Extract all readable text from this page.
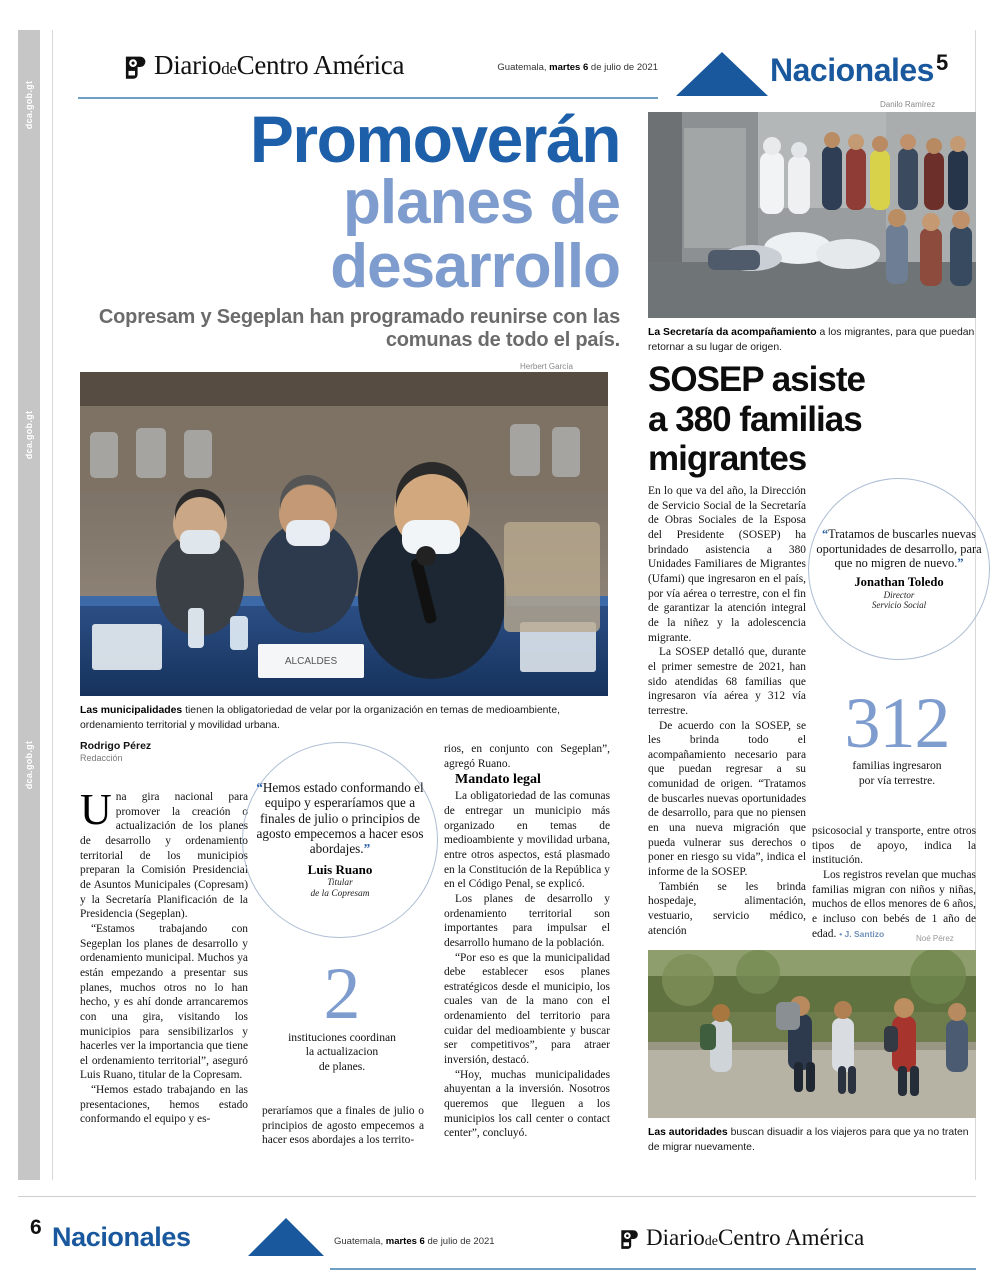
dca.gob.gt
dca.gob.gt
dca.gob.gt
DiariodeCentro América	Guatemala, martes 6 de julio de 2021	Nacionales 5
Promoverán
planes de
desarrollo
Copresam y Segeplan han programado reunirse con las comunas de todo el país.
ALCALDES
Herbert García
Las municipalidades tienen la obligatoriedad de velar por la organización en temas de medioambiente, ordenamiento territorial y movilidad urbana.
Rodrigo Pérez
Redacción

Una gira nacional para promover la creación o actualización de los planes de desarrollo y ordenamiento territorial de los municipios preparan la Comisión Presidencial de Asuntos Municipales (Copresam) y la Secretaría Planificación de la Presidencia (Segeplan).

“Estamos trabajando con Segeplan los planes de desarrollo y ordenamiento municipal. Muchos ya están empezando a presentar sus planes, muchos otros no lo han hecho, y es ahí donde arrancaremos con una gira, visitando los municipios para sensibilizarlos y hacerles ver la importancia que tiene el ordenamiento territorial”, aseguró Luis Ruano, titular de la Copresam.

“Hemos estado trabajando en las presentaciones, hemos estado conformando el equipo y es-

“Hemos estado conformando el equipo y esperaríamos que a finales de julio o principios de agosto empecemos a hacer esos abordajes.”
Luis Ruano
Titular
de la Copresam
2
instituciones coordinan
la actualizacion
de planes.

peraríamos que a finales de julio o principios de agosto empecemos a hacer esos abordajes a los territo-

rios, en conjunto con Segeplan”, agregó Ruano.

Mandato legal

La obligatoriedad de las comunas de entregar un municipio más organizado en temas de medioambiente y movilidad urbana, entre otros aspectos, está plasmado en la Constitución de la República y en el Código Penal, se explicó.

Los planes de desarrollo y ordenamiento territorial son importantes para impulsar el desarrollo humano de la población.

“Por eso es que la municipalidad debe establecer esos planes estratégicos desde el municipio, los cuales van de la mano con el ordenamiento del territorio para cuidar del medioambiente y buscar ser competitivos”, para atraer inversión, destacó.

“Hoy, muchas municipalidades ahuyentan a la inversión. Nosotros queremos que lleguen a los municipios los call center o contact center”, concluyó.

Danilo Ramírez
La Secretaría da acompañamiento a los migrantes, para que puedan retornar a su lugar de origen.
SOSEP asiste
a 380 familias
migrantes
“Tratamos de buscarles nuevas oportunidades de desarrollo, para que no migren de nuevo.”
Jonathan Toledo
Director
Servicio Social
312
familias ingresaron
por vía terrestre.

En lo que va del año, la Dirección de Servicio Social de la Secretaría de Obras Sociales de la Esposa del Presidente (SOSEP) ha brindado asistencia a 380 Unidades Familiares de Migrantes (Ufami) que ingresaron en el país, por vía aérea o terrestre, con el fin de garantizar la atención integral de la niñez y la adolescencia migrante.

La SOSEP detalló que, durante el primer semestre de 2021, han sido atendidas 68 familias que ingresaron vía aérea y 312 vía terrestre.

De acuerdo con la SOSEP, se les brinda todo el acompañamiento necesario para que puedan regresar a su comunidad de origen. “Tratamos de buscarles nuevas oportunidades de desarrollo, para que no piensen en una nueva migración que pueda vulnerar sus derechos o poner en riesgo su vida”, indica el informe de la SOSEP.

También se les brinda hospedaje, alimentación, vestuario, servicio médico, atención

psicosocial y transporte, entre otros tipos de apoyo, indica la institución.

Los registros revelan que muchas familias migran con niños y niñas, muchos de ellos menores de 6 años, e incluso con bebés de 1 año de edad. • J. Santizo	Noé Pérez
Las autoridades buscan disuadir a los viajeros para que ya no traten de migrar nuevamente.
6 Nacionales	Guatemala, martes 6 de julio de 2021	DiariodeCentro América
